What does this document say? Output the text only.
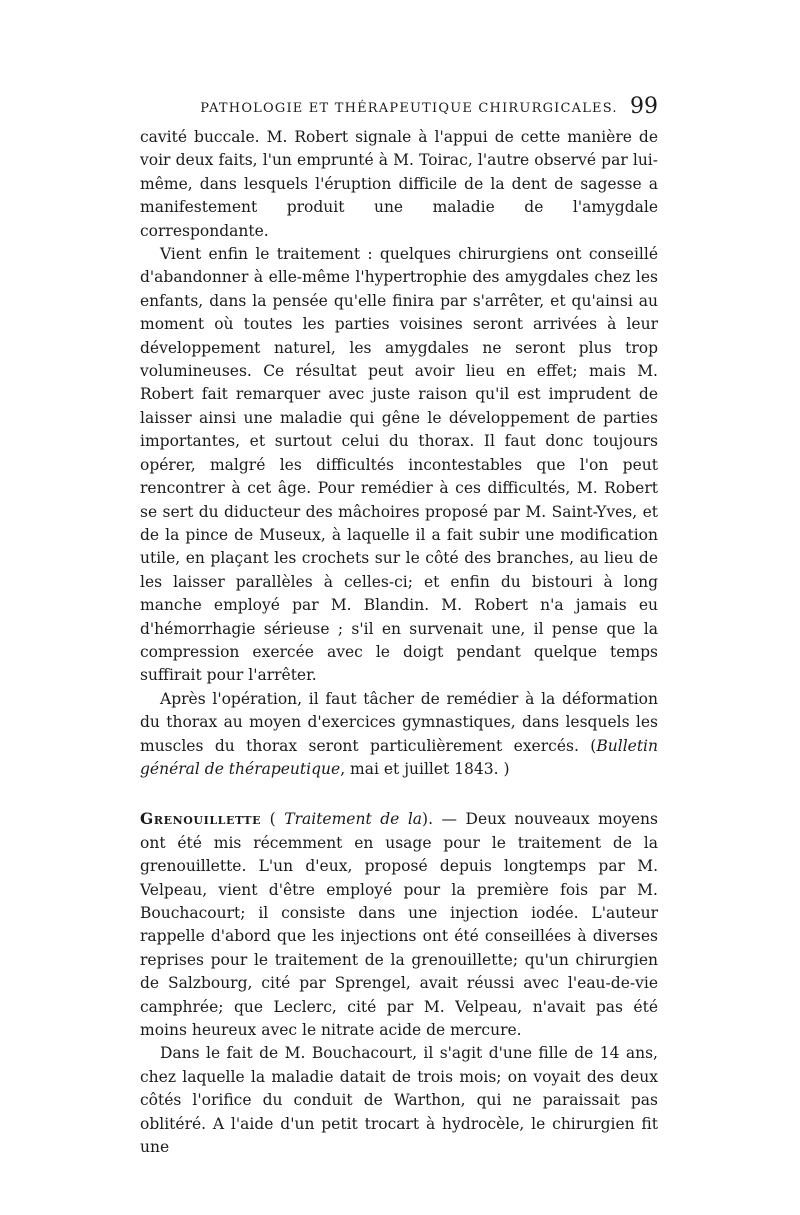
PATHOLOGIE ET THÉRAPEUTIQUE CHIRURGICALES. 99

cavité buccale. M. Robert signale à l'appui de cette manière de voir deux faits, l'un emprunté à M. Toirac, l'autre observé par lui-même, dans lesquels l'éruption difficile de la dent de sagesse a manifestement produit une maladie de l'amygdale correspondante.

Vient enfin le traitement : quelques chirurgiens ont conseillé d'abandonner à elle-même l'hypertrophie des amygdales chez les enfants, dans la pensée qu'elle finira par s'arrêter, et qu'ainsi au moment où toutes les parties voisines seront arrivées à leur développement naturel, les amygdales ne seront plus trop volumineuses. Ce résultat peut avoir lieu en effet; mais M. Robert fait remarquer avec juste raison qu'il est imprudent de laisser ainsi une maladie qui gêne le développement de parties importantes, et surtout celui du thorax. Il faut donc toujours opérer, malgré les difficultés incontestables que l'on peut rencontrer à cet âge. Pour remédier à ces difficultés, M. Robert se sert du diducteur des mâchoires proposé par M. Saint-Yves, et de la pince de Museux, à laquelle il a fait subir une modification utile, en plaçant les crochets sur le côté des branches, au lieu de les laisser parallèles à celles-ci; et enfin du bistouri à long manche employé par M. Blandin. M. Robert n'a jamais eu d'hémorrhagie sérieuse ; s'il en survenait une, il pense que la compression exercée avec le doigt pendant quelque temps suffirait pour l'arrêter.

Après l'opération, il faut tâcher de remédier à la déformation du thorax au moyen d'exercices gymnastiques, dans lesquels les muscles du thorax seront particulièrement exercés. (Bulletin général de thérapeutique, mai et juillet 1843. )

Grenouillette ( Traitement de la). — Deux nouveaux moyens ont été mis récemment en usage pour le traitement de la grenouillette. L'un d'eux, proposé depuis longtemps par M. Velpeau, vient d'être employé pour la première fois par M. Bouchacourt; il consiste dans une injection iodée. L'auteur rappelle d'abord que les injections ont été conseillées à diverses reprises pour le traitement de la grenouillette; qu'un chirurgien de Salzbourg, cité par Sprengel, avait réussi avec l'eau-de-vie camphrée; que Leclerc, cité par M. Velpeau, n'avait pas été moins heureux avec le nitrate acide de mercure.

Dans le fait de M. Bouchacourt, il s'agit d'une fille de 14 ans, chez laquelle la maladie datait de trois mois; on voyait des deux côtés l'orifice du conduit de Warthon, qui ne paraissait pas oblitéré. A l'aide d'un petit trocart à hydrocèle, le chirurgien fit une
